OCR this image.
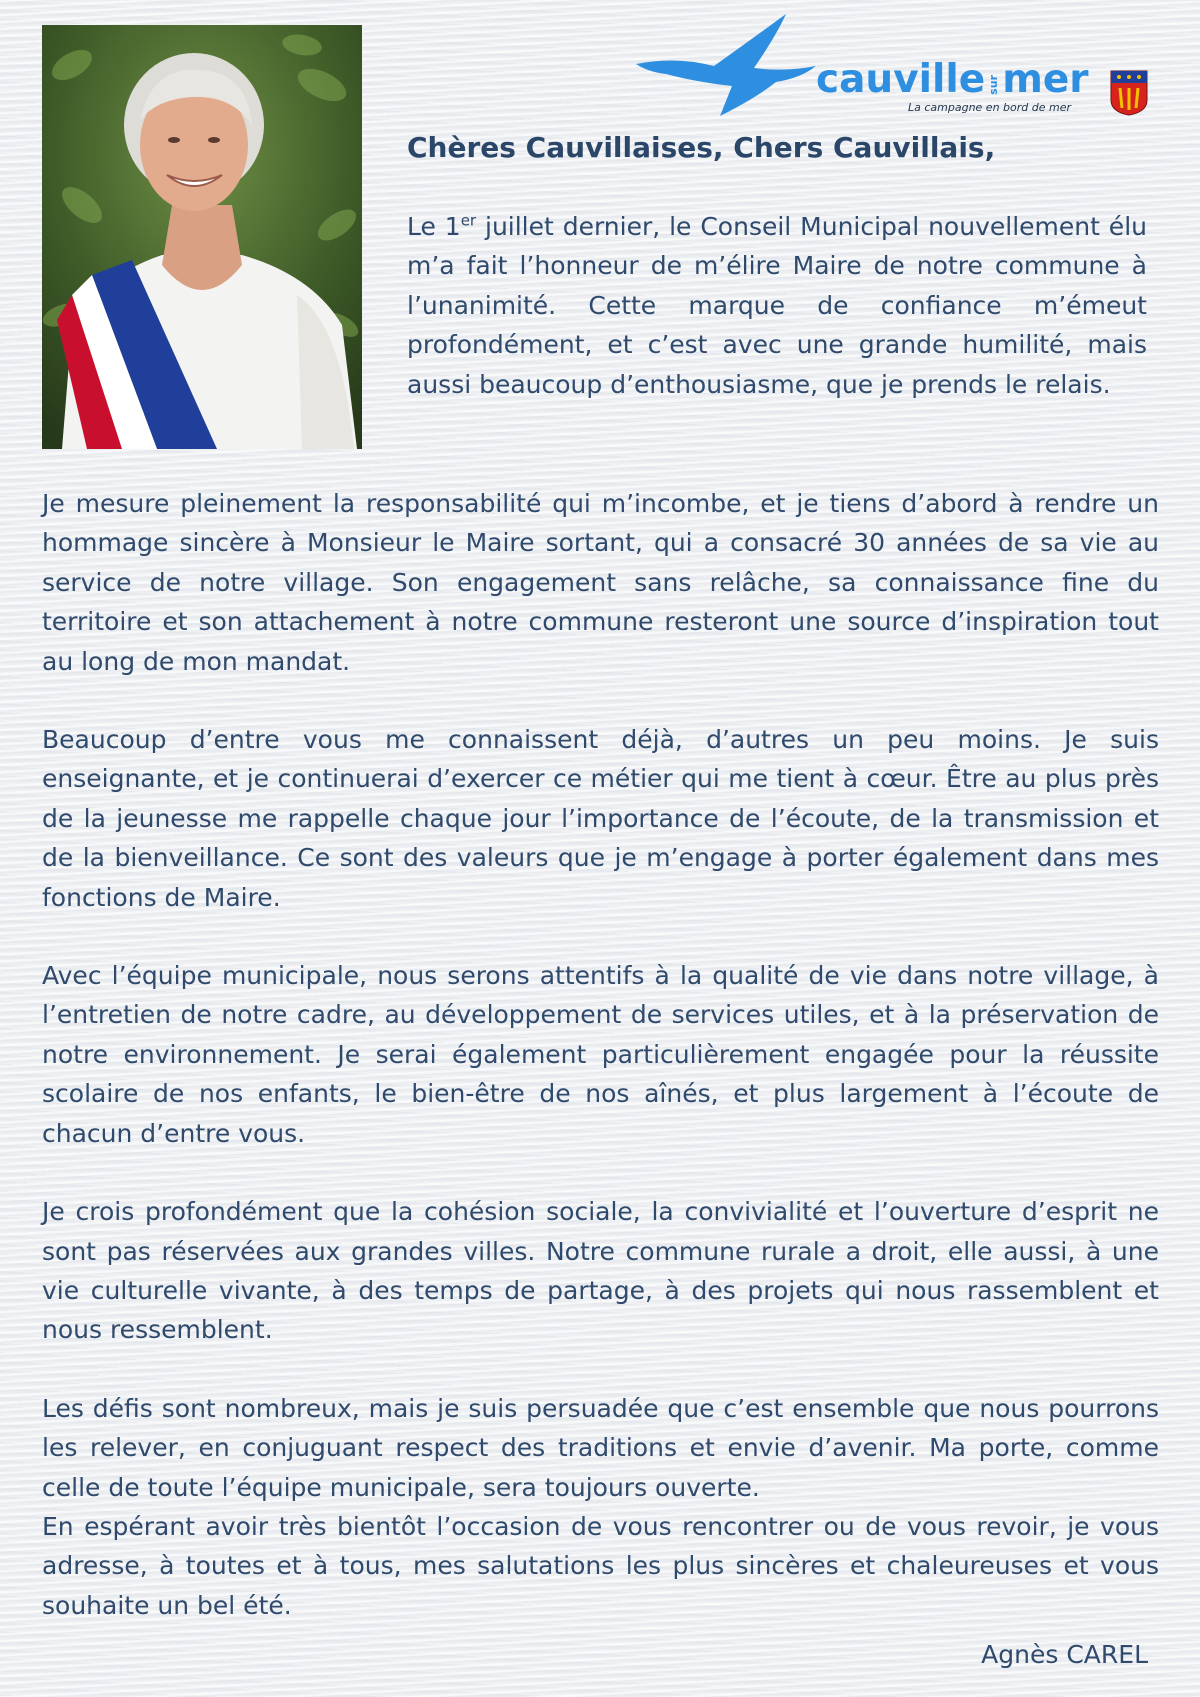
cauville sur mer
La campagne en bord de mer
Chères Cauvillaises, Chers Cauvillais,
Le 1er juillet dernier, le Conseil Municipal nouvellement élu m’a fait l’honneur de m’élire Maire de notre commune à l’unanimité. Cette marque de confiance m’émeut profondément, et c’est avec une grande humilité, mais aussi beaucoup d’enthousiasme, que je prends le relais.

Je mesure pleinement la responsabilité qui m’incombe, et je tiens d’abord à rendre un hommage sincère à Monsieur le Maire sortant, qui a consacré 30 années de sa vie au service de notre village. Son engagement sans relâche, sa connaissance fine du territoire et son attachement à notre commune resteront une source d’inspiration tout au long de mon mandat.

Beaucoup d’entre vous me connaissent déjà, d’autres un peu moins. Je suis enseignante, et je continuerai d’exercer ce métier qui me tient à cœur. Être au plus près de la jeunesse me rappelle chaque jour l’importance de l’écoute, de la transmission et de la bienveillance. Ce sont des valeurs que je m’engage à porter également dans mes fonctions de Maire.

Avec l’équipe municipale, nous serons attentifs à la qualité de vie dans notre village, à l’entretien de notre cadre, au développement de services utiles, et à la préservation de notre environnement. Je serai également particulièrement engagée pour la réussite scolaire de nos enfants, le bien-être de nos aînés, et plus largement à l’écoute de chacun d’entre vous.

Je crois profondément que la cohésion sociale, la convivialité et l’ouverture d’esprit ne sont pas réservées aux grandes villes. Notre commune rurale a droit, elle aussi, à une vie culturelle vivante, à des temps de partage, à des projets qui nous rassemblent et nous ressemblent.

Les défis sont nombreux, mais je suis persuadée que c’est ensemble que nous pourrons les relever, en conjuguant respect des traditions et envie d’avenir. Ma porte, comme celle de toute l’équipe municipale, sera toujours ouverte.

En espérant avoir très bientôt l’occasion de vous rencontrer ou de vous revoir, je vous adresse, à toutes et à tous, mes salutations les plus sincères et chaleureuses et vous souhaite un bel été.

Agnès CAREL
